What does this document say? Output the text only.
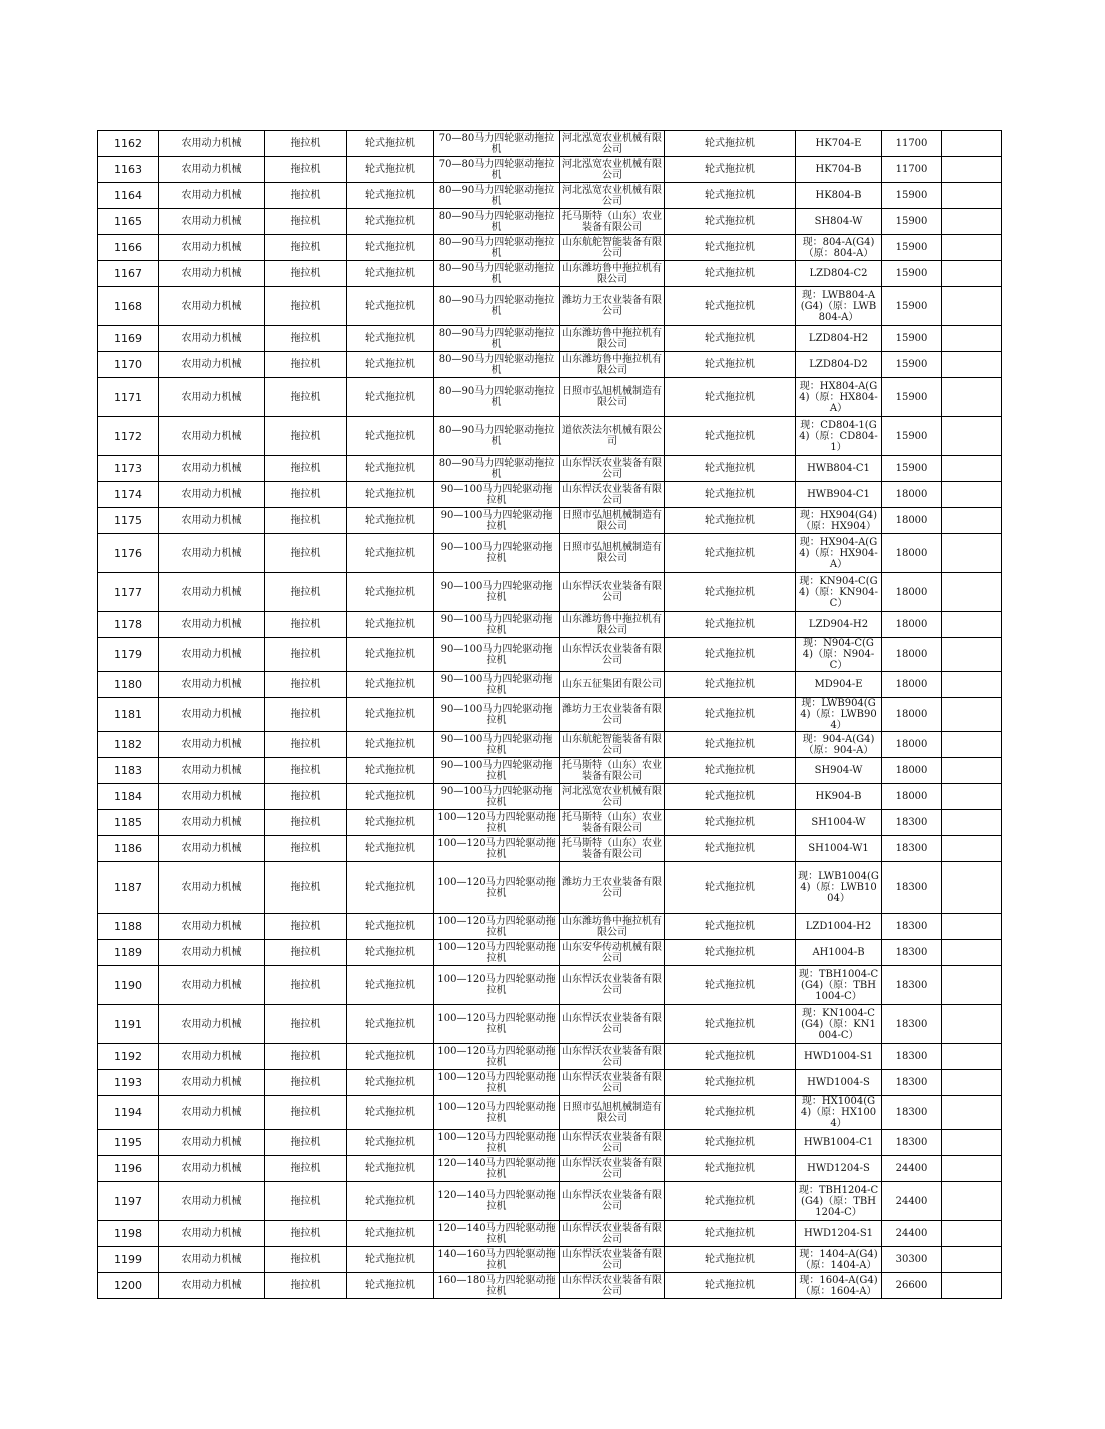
1162	农用动力机械	拖拉机	轮式拖拉机	70—80马力四轮驱动拖拉机	河北泓宽农业机械有限公司	轮式拖拉机	HK704-E	11700	
1163	农用动力机械	拖拉机	轮式拖拉机	70—80马力四轮驱动拖拉机	河北泓宽农业机械有限公司	轮式拖拉机	HK704-B	11700	
1164	农用动力机械	拖拉机	轮式拖拉机	80—90马力四轮驱动拖拉机	河北泓宽农业机械有限公司	轮式拖拉机	HK804-B	15900	
1165	农用动力机械	拖拉机	轮式拖拉机	80—90马力四轮驱动拖拉机	托马斯特（山东）农业装备有限公司	轮式拖拉机	SH804-W	15900	
1166	农用动力机械	拖拉机	轮式拖拉机	80—90马力四轮驱动拖拉机	山东航舵智能装备有限公司	轮式拖拉机	现：804-A(G4)（原：804-A）	15900	
1167	农用动力机械	拖拉机	轮式拖拉机	80—90马力四轮驱动拖拉机	山东潍坊鲁中拖拉机有限公司	轮式拖拉机	LZD804-C2	15900	
1168	农用动力机械	拖拉机	轮式拖拉机	80—90马力四轮驱动拖拉机	潍坊力王农业装备有限公司	轮式拖拉机	现：LWB804-A(G4)（原：LWB804-A）	15900	
1169	农用动力机械	拖拉机	轮式拖拉机	80—90马力四轮驱动拖拉机	山东潍坊鲁中拖拉机有限公司	轮式拖拉机	LZD804-H2	15900	
1170	农用动力机械	拖拉机	轮式拖拉机	80—90马力四轮驱动拖拉机	山东潍坊鲁中拖拉机有限公司	轮式拖拉机	LZD804-D2	15900	
1171	农用动力机械	拖拉机	轮式拖拉机	80—90马力四轮驱动拖拉机	日照市弘旭机械制造有限公司	轮式拖拉机	现：HX804-A(G4)（原：HX804-A）	15900	
1172	农用动力机械	拖拉机	轮式拖拉机	80—90马力四轮驱动拖拉机	道依茨法尔机械有限公司	轮式拖拉机	现：CD804-1(G4)（原：CD804-1）	15900	
1173	农用动力机械	拖拉机	轮式拖拉机	80—90马力四轮驱动拖拉机	山东悍沃农业装备有限公司	轮式拖拉机	HWB804-C1	15900	
1174	农用动力机械	拖拉机	轮式拖拉机	90—100马力四轮驱动拖拉机	山东悍沃农业装备有限公司	轮式拖拉机	HWB904-C1	18000	
1175	农用动力机械	拖拉机	轮式拖拉机	90—100马力四轮驱动拖拉机	日照市弘旭机械制造有限公司	轮式拖拉机	现：HX904(G4)（原：HX904）	18000	
1176	农用动力机械	拖拉机	轮式拖拉机	90—100马力四轮驱动拖拉机	日照市弘旭机械制造有限公司	轮式拖拉机	现：HX904-A(G4)（原：HX904-A）	18000	
1177	农用动力机械	拖拉机	轮式拖拉机	90—100马力四轮驱动拖拉机	山东悍沃农业装备有限公司	轮式拖拉机	现：KN904-C(G4)（原：KN904-C）	18000	
1178	农用动力机械	拖拉机	轮式拖拉机	90—100马力四轮驱动拖拉机	山东潍坊鲁中拖拉机有限公司	轮式拖拉机	LZD904-H2	18000	
1179	农用动力机械	拖拉机	轮式拖拉机	90—100马力四轮驱动拖拉机	山东悍沃农业装备有限公司	轮式拖拉机	现：N904-C(G4)（原：N904-C）	18000	
1180	农用动力机械	拖拉机	轮式拖拉机	90—100马力四轮驱动拖拉机	山东五征集团有限公司	轮式拖拉机	MD904-E	18000	
1181	农用动力机械	拖拉机	轮式拖拉机	90—100马力四轮驱动拖拉机	潍坊力王农业装备有限公司	轮式拖拉机	现：LWB904(G4)（原：LWB904）	18000	
1182	农用动力机械	拖拉机	轮式拖拉机	90—100马力四轮驱动拖拉机	山东航舵智能装备有限公司	轮式拖拉机	现：904-A(G4)（原：904-A）	18000	
1183	农用动力机械	拖拉机	轮式拖拉机	90—100马力四轮驱动拖拉机	托马斯特（山东）农业装备有限公司	轮式拖拉机	SH904-W	18000	
1184	农用动力机械	拖拉机	轮式拖拉机	90—100马力四轮驱动拖拉机	河北泓宽农业机械有限公司	轮式拖拉机	HK904-B	18000	
1185	农用动力机械	拖拉机	轮式拖拉机	100—120马力四轮驱动拖拉机	托马斯特（山东）农业装备有限公司	轮式拖拉机	SH1004-W	18300	
1186	农用动力机械	拖拉机	轮式拖拉机	100—120马力四轮驱动拖拉机	托马斯特（山东）农业装备有限公司	轮式拖拉机	SH1004-W1	18300	
1187	农用动力机械	拖拉机	轮式拖拉机	100—120马力四轮驱动拖拉机	潍坊力王农业装备有限公司	轮式拖拉机	现：LWB1004(G4)（原：LWB1004）	18300	
1188	农用动力机械	拖拉机	轮式拖拉机	100—120马力四轮驱动拖拉机	山东潍坊鲁中拖拉机有限公司	轮式拖拉机	LZD1004-H2	18300	
1189	农用动力机械	拖拉机	轮式拖拉机	100—120马力四轮驱动拖拉机	山东安华传动机械有限公司	轮式拖拉机	AH1004-B	18300	
1190	农用动力机械	拖拉机	轮式拖拉机	100—120马力四轮驱动拖拉机	山东悍沃农业装备有限公司	轮式拖拉机	现：TBH1004-C(G4)（原：TBH1004-C）	18300	
1191	农用动力机械	拖拉机	轮式拖拉机	100—120马力四轮驱动拖拉机	山东悍沃农业装备有限公司	轮式拖拉机	现：KN1004-C(G4)（原：KN1004-C）	18300	
1192	农用动力机械	拖拉机	轮式拖拉机	100—120马力四轮驱动拖拉机	山东悍沃农业装备有限公司	轮式拖拉机	HWD1004-S1	18300	
1193	农用动力机械	拖拉机	轮式拖拉机	100—120马力四轮驱动拖拉机	山东悍沃农业装备有限公司	轮式拖拉机	HWD1004-S	18300	
1194	农用动力机械	拖拉机	轮式拖拉机	100—120马力四轮驱动拖拉机	日照市弘旭机械制造有限公司	轮式拖拉机	现：HX1004(G4)（原：HX1004）	18300	
1195	农用动力机械	拖拉机	轮式拖拉机	100—120马力四轮驱动拖拉机	山东悍沃农业装备有限公司	轮式拖拉机	HWB1004-C1	18300	
1196	农用动力机械	拖拉机	轮式拖拉机	120—140马力四轮驱动拖拉机	山东悍沃农业装备有限公司	轮式拖拉机	HWD1204-S	24400	
1197	农用动力机械	拖拉机	轮式拖拉机	120—140马力四轮驱动拖拉机	山东悍沃农业装备有限公司	轮式拖拉机	现：TBH1204-C(G4)（原：TBH1204-C）	24400	
1198	农用动力机械	拖拉机	轮式拖拉机	120—140马力四轮驱动拖拉机	山东悍沃农业装备有限公司	轮式拖拉机	HWD1204-S1	24400	
1199	农用动力机械	拖拉机	轮式拖拉机	140—160马力四轮驱动拖拉机	山东悍沃农业装备有限公司	轮式拖拉机	现：1404-A(G4)（原：1404-A）	30300	
1200	农用动力机械	拖拉机	轮式拖拉机	160—180马力四轮驱动拖拉机	山东悍沃农业装备有限公司	轮式拖拉机	现：1604-A(G4)（原：1604-A）	26600	
